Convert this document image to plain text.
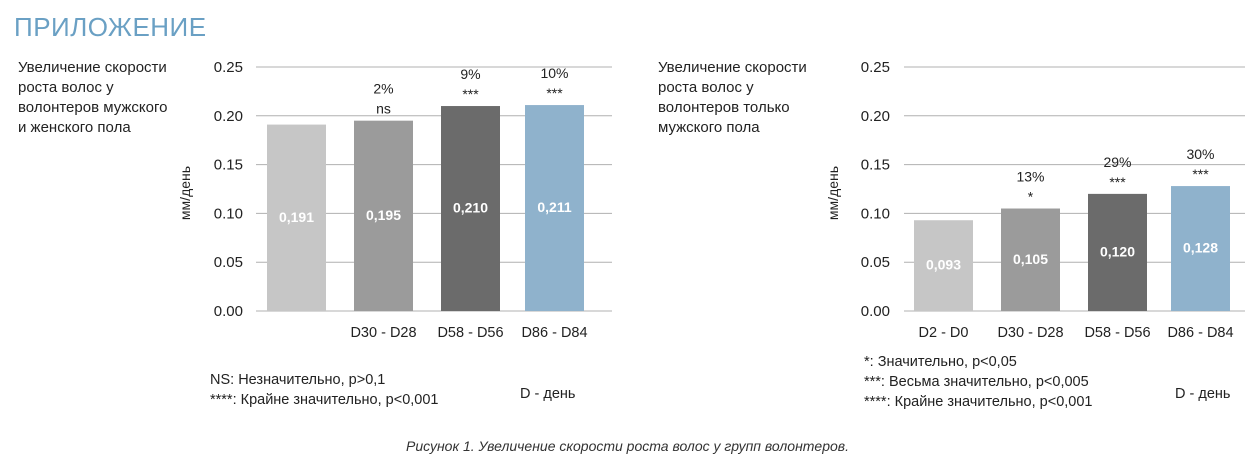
ПРИЛОЖЕНИЕ
Увеличение скорости
роста волос у
волонтеров мужского
и женского пола
0.25
0.20
0.15
0.10
0.05
0.00
мм/день	0,191	0,195
2%
ns
D30 - D28
0,210
9%
***
D58 - D56
0,211
10%
***
D86 - D84
NS: Незначительно, p>0,1
****: Крайне значительно, p<0,001	D - день
Увеличение скорости
роста волос у
волонтеров только
мужского пола
0.25
0.20
0.15
0.10
0.05
0.00
мм/день
0,093
D2 - D0
0,105
13%
*
D30 - D28
0,120
29%
***
D58 - D56
0,128
30%
***
D86 - D84
*: Значительно, p<0,05
***: Весьма значительно, p<0,005
****: Крайне значительно, p<0,001	D - день
Рисунок 1. Увеличение скорости роста волос у групп волонтеров.
